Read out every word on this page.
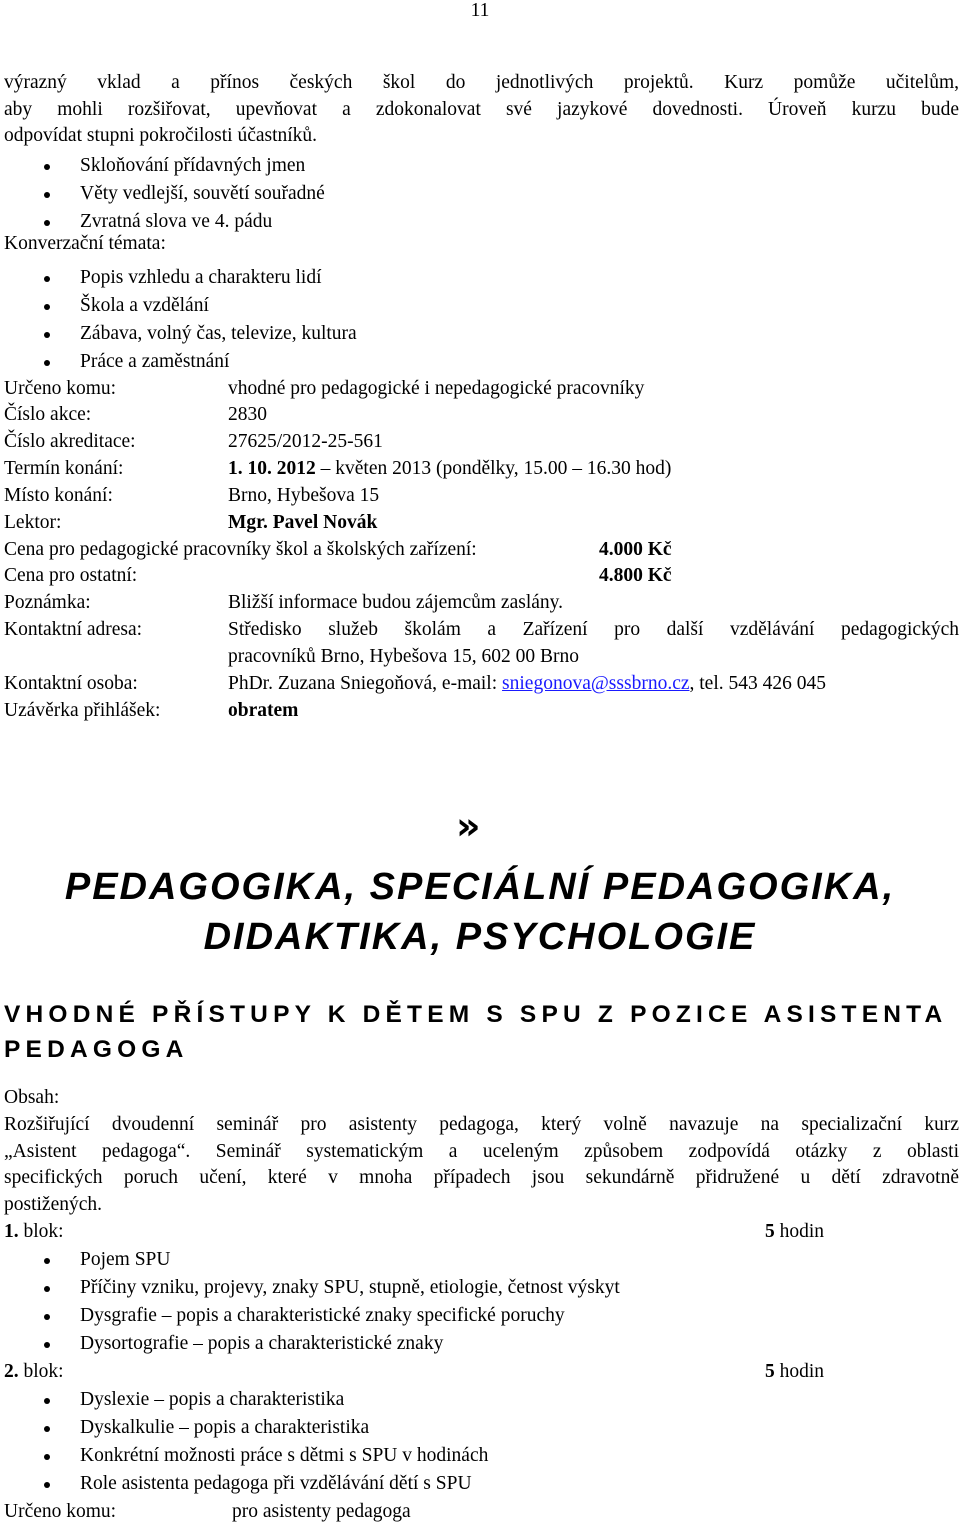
11
výrazný vklad a přínos českých škol do jednotlivých projektů. Kurz pomůže učitelům,
aby mohli rozšiřovat, upevňovat a zdokonalovat své jazykové dovednosti. Úroveň kurzu bude
odpovídat stupni pokročilosti účastníků.
Skloňování přídavných jmen
Věty vedlejší, souvětí souřadné
Zvratná slova ve 4. pádu
Konverzační témata:
Popis vzhledu a charakteru lidí
Škola a vzdělání
Zábava, volný čas, televize, kultura
Práce a zaměstnání
Určeno komu:	vhodné pro pedagogické i nepedagogické pracovníky
Číslo akce:	2830
Číslo akreditace:	27625/2012-25-561
Termín konání:	1. 10. 2012 – květen 2013 (pondělky, 15.00 – 16.30 hod)
Místo konání:	Brno, Hybešova 15
Lektor:	Mgr. Pavel Novák
Cena pro pedagogické pracovníky škol a školských zařízení:	4.000 Kč
Cena pro ostatní:	4.800 Kč
Poznámka:	Bližší informace budou zájemcům zaslány.
Kontaktní adresa:	Středisko služeb školám a Zařízení pro další vzdělávání pedagogických
pracovníků Brno, Hybešova 15, 602 00 Brno
Kontaktní osoba:	PhDr. Zuzana Sniegoňová, e-mail: sniegonova@sssbrno.cz, tel. 543 426 045
Uzávěrka přihlášek:	obratem
»
PEDAGOGIKA, SPECIÁLNÍ PEDAGOGIKA,
DIDAKTIKA, PSYCHOLOGIE
VHODNÉ PŘÍSTUPY K DĚTEM S SPU Z POZICE ASISTENTA
PEDAGOGA
Obsah:
Rozšiřující dvoudenní seminář pro asistenty pedagoga, který volně navazuje na specializační kurz
„Asistent pedagoga“. Seminář systematickým a uceleným způsobem zodpovídá otázky z oblasti
specifických poruch učení, které v mnoha případech jsou sekundárně přidružené u dětí zdravotně
postižených.
1. blok:	5 hodin
Pojem SPU
Příčiny vzniku, projevy, znaky SPU, stupně, etiologie, četnost výskyt
Dysgrafie – popis a charakteristické znaky specifické poruchy
Dysortografie – popis a charakteristické znaky
2. blok:	5 hodin
Dyslexie – popis a charakteristika
Dyskalkulie – popis a charakteristika
Konkrétní možnosti práce s dětmi s SPU v hodinách
Role asistenta pedagoga při vzdělávání dětí s SPU
Určeno komu:	pro asistenty pedagoga
